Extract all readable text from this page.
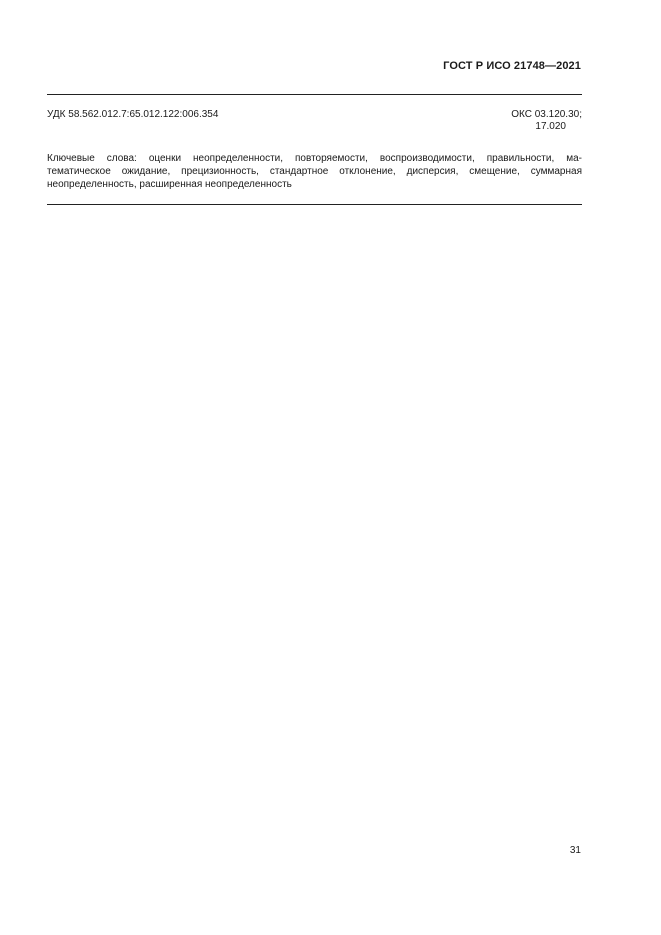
ГОСТ Р ИСО 21748—2021
УДК 58.562.012.7:65.012.122:006.354	ОКС 03.120.30;
17.020
Ключевые слова: оценки неопределенности, повторяемости, воспроизводимости, правильности, ма-
тематическое ожидание, прецизионность, стандартное отклонение, дисперсия, смещение, суммарная
неопределенность, расширенная неопределенность
31
